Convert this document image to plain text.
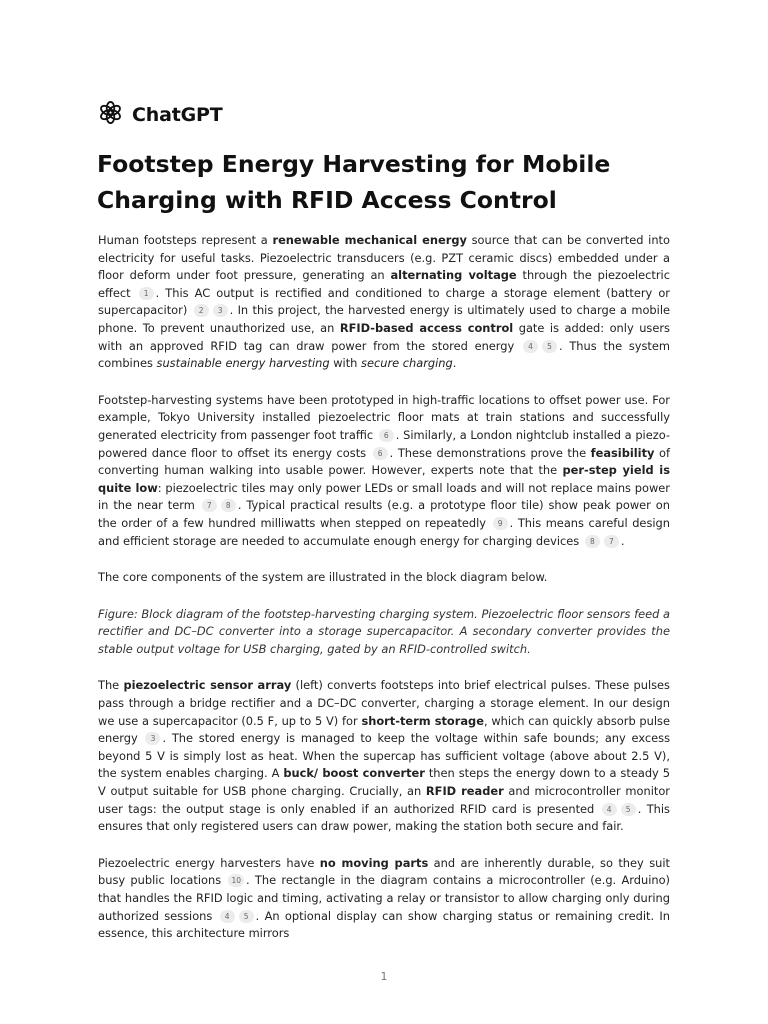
ChatGPT
Footstep Energy Harvesting for Mobile Charging with RFID Access Control

Human footsteps represent a renewable mechanical energy source that can be converted into electricity for useful tasks. Piezoelectric transducers (e.g. PZT ceramic discs) embedded under a floor deform under foot pressure, generating an alternating voltage through the piezoelectric effect 1 . This AC output is rectified and conditioned to charge a storage element (battery or supercapacitor) 2 3 . In this project, the harvested energy is ultimately used to charge a mobile phone. To prevent unauthorized use, an RFID-based access control gate is added: only users with an approved RFID tag can draw power from the stored energy 4 5 . Thus the system combines sustainable energy harvesting with secure charging.

Footstep-harvesting systems have been prototyped in high-traffic locations to offset power use. For example, Tokyo University installed piezoelectric floor mats at train stations and successfully generated electricity from passenger foot traffic 6 . Similarly, a London nightclub installed a piezo-powered dance floor to offset its energy costs 6 . These demonstrations prove the feasibility of converting human walking into usable power. However, experts note that the per-step yield is quite low: piezoelectric tiles may only power LEDs or small loads and will not replace mains power in the near term 7 8 . Typical practical results (e.g. a prototype floor tile) show peak power on the order of a few hundred milliwatts when stepped on repeatedly 9 . This means careful design and efficient storage are needed to accumulate enough energy for charging devices 8 7 .

The core components of the system are illustrated in the block diagram below.

Figure: Block diagram of the footstep-harvesting charging system. Piezoelectric floor sensors feed a rectifier and DC–DC converter into a storage supercapacitor. A secondary converter provides the stable output voltage for USB charging, gated by an RFID-controlled switch.

The piezoelectric sensor array (left) converts footsteps into brief electrical pulses. These pulses pass through a bridge rectifier and a DC–DC converter, charging a storage element. In our design we use a supercapacitor (0.5 F, up to 5 V) for short-term storage, which can quickly absorb pulse energy 3 . The stored energy is managed to keep the voltage within safe bounds; any excess beyond 5 V is simply lost as heat. When the supercap has sufficient voltage (above about 2.5 V), the system enables charging. A buck/ boost converter then steps the energy down to a steady 5 V output suitable for USB phone charging. Crucially, an RFID reader and microcontroller monitor user tags: the output stage is only enabled if an authorized RFID card is presented 4 5 . This ensures that only registered users can draw power, making the station both secure and fair.

Piezoelectric energy harvesters have no moving parts and are inherently durable, so they suit busy public locations 10 . The rectangle in the diagram contains a microcontroller (e.g. Arduino) that handles the RFID logic and timing, activating a relay or transistor to allow charging only during authorized sessions 4 5 . An optional display can show charging status or remaining credit. In essence, this architecture mirrors

1
